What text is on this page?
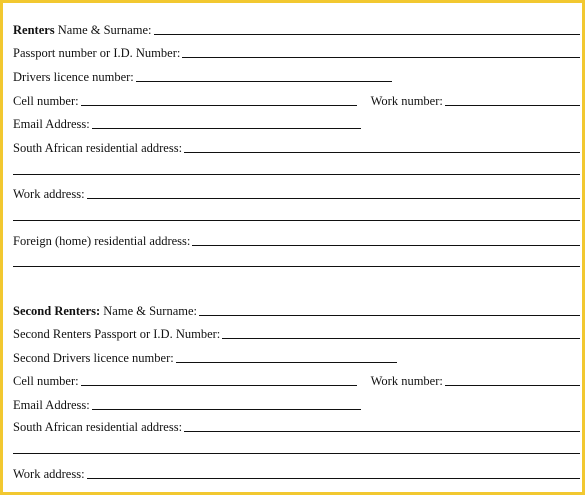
Renters Name & Surname:
Passport number or I.D. Number:
Drivers licence number:
Cell number:	Work number:
Email Address:
South African residential address:
Work address:
Foreign (home) residential address:
Second Renters: Name & Surname:
Second Renters Passport or I.D. Number:
Second Drivers licence number:
Cell number:	Work number:
Email Address:
South African residential address:
Work address:
